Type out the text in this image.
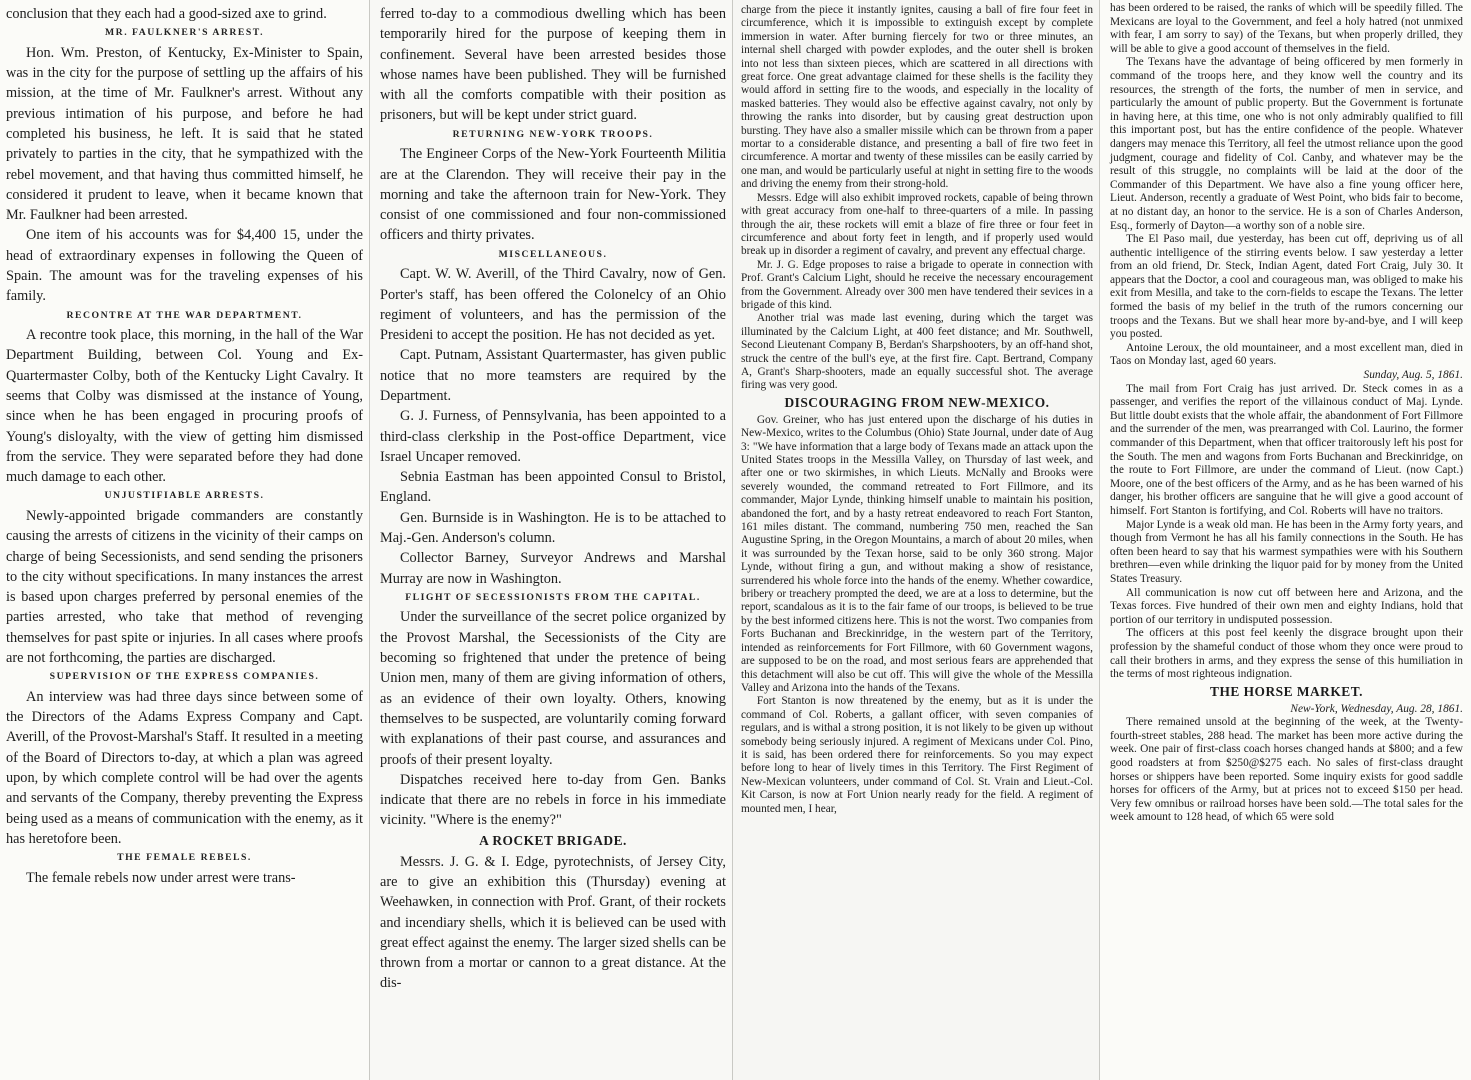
conclusion that they each had a good-sized axe to grind.

MR. FAULKNER'S ARREST.

Hon. Wm. Preston, of Kentucky, Ex-Minister to Spain, was in the city for the purpose of settling up the affairs of his mission, at the time of Mr. Faulkner's arrest. Without any previous intimation of his purpose, and before he had completed his business, he left. It is said that he stated privately to parties in the city, that he sympathized with the rebel movement, and that having thus committed himself, he considered it prudent to leave, when it became known that Mr. Faulkner had been arrested.

One item of his accounts was for $4,400 15, under the head of extraordinary expenses in following the Queen of Spain. The amount was for the traveling expenses of his family.

RECONTRE AT THE WAR DEPARTMENT.

A recontre took place, this morning, in the hall of the War Department Building, between Col. Young and Ex-Quartermaster Colby, both of the Kentucky Light Cavalry. It seems that Colby was dismissed at the instance of Young, since when he has been engaged in procuring proofs of Young's disloyalty, with the view of getting him dismissed from the service. They were separated before they had done much damage to each other.

UNJUSTIFIABLE ARRESTS.

Newly-appointed brigade commanders are constantly causing the arrests of citizens in the vicinity of their camps on charge of being Secessionists, and send sending the prisoners to the city without specifications. In many instances the arrest is based upon charges preferred by personal enemies of the parties arrested, who take that method of revenging themselves for past spite or injuries. In all cases where proofs are not forthcoming, the parties are discharged.

SUPERVISION OF THE EXPRESS COMPANIES.

An interview was had three days since between some of the Directors of the Adams Express Company and Capt. Averill, of the Provost-Marshal's Staff. It resulted in a meeting of the Board of Directors to-day, at which a plan was agreed upon, by which complete control will be had over the agents and servants of the Company, thereby preventing the Express being used as a means of communication with the enemy, as it has heretofore been.

THE FEMALE REBELS.

The female rebels now under arrest were trans-

ferred to-day to a commodious dwelling which has been temporarily hired for the purpose of keeping them in confinement. Several have been arrested besides those whose names have been published. They will be furnished with all the comforts compatible with their position as prisoners, but will be kept under strict guard.

RETURNING NEW-YORK TROOPS.

The Engineer Corps of the New-York Fourteenth Militia are at the Clarendon. They will receive their pay in the morning and take the afternoon train for New-York. They consist of one commissioned and four non-commissioned officers and thirty privates.

MISCELLANEOUS.

Capt. W. W. Averill, of the Third Cavalry, now of Gen. Porter's staff, has been offered the Colonelcy of an Ohio regiment of volunteers, and has the permission of the Presideni to accept the position. He has not decided as yet.

Capt. Putnam, Assistant Quartermaster, has given public notice that no more teamsters are required by the Department.

G. J. Furness, of Pennsylvania, has been appointed to a third-class clerkship in the Post-office Department, vice Israel Uncaper removed.

Sebnia Eastman has been appointed Consul to Bristol, England.

Gen. Burnside is in Washington. He is to be attached to Maj.-Gen. Anderson's column.

Collector Barney, Surveyor Andrews and Marshal Murray are now in Washington.

FLIGHT OF SECESSIONISTS FROM THE CAPITAL.

Under the surveillance of the secret police organized by the Provost Marshal, the Secessionists of the City are becoming so frightened that under the pretence of being Union men, many of them are giving information of others, as an evidence of their own loyalty. Others, knowing themselves to be suspected, are voluntarily coming forward with explanations of their past course, and assurances and proofs of their present loyalty.

Dispatches received here to-day from Gen. Banks indicate that there are no rebels in force in his immediate vicinity. "Where is the enemy?"

A ROCKET BRIGADE.

Messrs. J. G. & I. Edge, pyrotechnists, of Jersey City, are to give an exhibition this (Thursday) evening at Weehawken, in connection with Prof. Grant, of their rockets and incendiary shells, which it is believed can be used with great effect against the enemy. The larger sized shells can be thrown from a mortar or cannon to a great distance. At the dis-

charge from the piece it instantly ignites, causing a ball of fire four feet in circumference, which it is impossible to extinguish except by complete immersion in water. After burning fiercely for two or three minutes, an internal shell charged with powder explodes, and the outer shell is broken into not less than sixteen pieces, which are scattered in all directions with great force. One great advantage claimed for these shells is the facility they would afford in setting fire to the woods, and especially in the locality of masked batteries. They would also be effective against cavalry, not only by throwing the ranks into disorder, but by causing great destruction upon bursting. They have also a smaller missile which can be thrown from a paper mortar to a considerable distance, and presenting a ball of fire two feet in circumference. A mortar and twenty of these missiles can be easily carried by one man, and would be particularly useful at night in setting fire to the woods and driving the enemy from their strong-hold.

Messrs. Edge will also exhibit improved rockets, capable of being thrown with great accuracy from one-half to three-quarters of a mile. In passing through the air, these rockets will emit a blaze of fire three or four feet in circumference and about forty feet in length, and if properly used would break up in disorder a regiment of cavalry, and prevent any effectual charge.

Mr. J. G. Edge proposes to raise a brigade to operate in connection with Prof. Grant's Calcium Light, should he receive the necessary encouragement from the Government. Already over 300 men have tendered their sevices in a brigade of this kind.

Another trial was made last evening, during which the target was illuminated by the Calcium Light, at 400 feet distance; and Mr. Southwell, Second Lieutenant Company B, Berdan's Sharpshooters, by an off-hand shot, struck the centre of the bull's eye, at the first fire. Capt. Bertrand, Company A, Grant's Sharp-shooters, made an equally successful shot. The average firing was very good.

DISCOURAGING FROM NEW-MEXICO.

Gov. Greiner, who has just entered upon the discharge of his duties in New-Mexico, writes to the Columbus (Ohio) State Journal, under date of Aug 3: "We have information that a large body of Texans made an attack upon the United States troops in the Messilla Valley, on Thursday of last week, and after one or two skirmishes, in which Lieuts. McNally and Brooks were severely wounded, the command retreated to Fort Fillmore, and its commander, Major Lynde, thinking himself unable to maintain his position, abandoned the fort, and by a hasty retreat endeavored to reach Fort Stanton, 161 miles distant. The command, numbering 750 men, reached the San Augustine Spring, in the Oregon Mountains, a march of about 20 miles, when it was surrounded by the Texan horse, said to be only 360 strong. Major Lynde, without firing a gun, and without making a show of resistance, surrendered his whole force into the hands of the enemy. Whether cowardice, bribery or treachery prompted the deed, we are at a loss to determine, but the report, scandalous as it is to the fair fame of our troops, is believed to be true by the best informed citizens here. This is not the worst. Two companies from Forts Buchanan and Breckinridge, in the western part of the Territory, intended as reinforcements for Fort Fillmore, with 60 Government wagons, are supposed to be on the road, and most serious fears are apprehended that this detachment will also be cut off. This will give the whole of the Messilla Valley and Arizona into the hands of the Texans.

Fort Stanton is now threatened by the enemy, but as it is under the command of Col. Roberts, a gallant officer, with seven companies of regulars, and is withal a strong position, it is not likely to be given up without somebody being seriously injured. A regiment of Mexicans under Col. Pino, it is said, has been ordered there for reinforcements. So you may expect before long to hear of lively times in this Territory. The First Regiment of New-Mexican volunteers, under command of Col. St. Vrain and Lieut.-Col. Kit Carson, is now at Fort Union nearly ready for the field. A regiment of mounted men, I hear,

has been ordered to be raised, the ranks of which will be speedily filled. The Mexicans are loyal to the Government, and feel a holy hatred (not unmixed with fear, I am sorry to say) of the Texans, but when properly drilled, they will be able to give a good account of themselves in the field.

The Texans have the advantage of being officered by men formerly in command of the troops here, and they know well the country and its resources, the strength of the forts, the number of men in service, and particularly the amount of public property. But the Government is fortunate in having here, at this time, one who is not only admirably qualified to fill this important post, but has the entire confidence of the people. Whatever dangers may menace this Territory, all feel the utmost reliance upon the good judgment, courage and fidelity of Col. Canby, and whatever may be the result of this struggle, no complaints will be laid at the door of the Commander of this Department. We have also a fine young officer here, Lieut. Anderson, recently a graduate of West Point, who bids fair to become, at no distant day, an honor to the service. He is a son of Charles Anderson, Esq., formerly of Dayton—a worthy son of a noble sire.

The El Paso mail, due yesterday, has been cut off, depriving us of all authentic intelligence of the stirring events below. I saw yesterday a letter from an old friend, Dr. Steck, Indian Agent, dated Fort Craig, July 30. It appears that the Doctor, a cool and courageous man, was obliged to make his exit from Mesilla, and take to the corn-fields to escape the Texans. The letter formed the basis of my belief in the truth of the rumors concerning our troops and the Texans. But we shall hear more by-and-bye, and I will keep you posted.

Antoine Leroux, the old mountaineer, and a most excellent man, died in Taos on Monday last, aged 60 years.

Sunday, Aug. 5, 1861.

The mail from Fort Craig has just arrived. Dr. Steck comes in as a passenger, and verifies the report of the villainous conduct of Maj. Lynde. But little doubt exists that the whole affair, the abandonment of Fort Fillmore and the surrender of the men, was prearranged with Col. Laurino, the former commander of this Department, when that officer traitorously left his post for the South. The men and wagons from Forts Buchanan and Breckinridge, on the route to Fort Fillmore, are under the command of Lieut. (now Capt.) Moore, one of the best officers of the Army, and as he has been warned of his danger, his brother officers are sanguine that he will give a good account of himself. Fort Stanton is fortifying, and Col. Roberts will have no traitors.

Major Lynde is a weak old man. He has been in the Army forty years, and though from Vermont he has all his family connections in the South. He has often been heard to say that his warmest sympathies were with his Southern brethren—even while drinking the liquor paid for by money from the United States Treasury.

All communication is now cut off between here and Arizona, and the Texas forces. Five hundred of their own men and eighty Indians, hold that portion of our territory in undisputed possession.

The officers at this post feel keenly the disgrace brought upon their profession by the shameful conduct of those whom they once were proud to call their brothers in arms, and they express the sense of this humiliation in the terms of most righteous indignation.

THE HORSE MARKET.

New-York, Wednesday, Aug. 28, 1861.

There remained unsold at the beginning of the week, at the Twenty-fourth-street stables, 288 head. The market has been more active during the week. One pair of first-class coach horses changed hands at $800; and a few good roadsters at from $250@$275 each. No sales of first-class draught horses or shippers have been reported. Some inquiry exists for good saddle horses for officers of the Army, but at prices not to exceed $150 per head. Very few omnibus or railroad horses have been sold.—The total sales for the week amount to 128 head, of which 65 were sold
